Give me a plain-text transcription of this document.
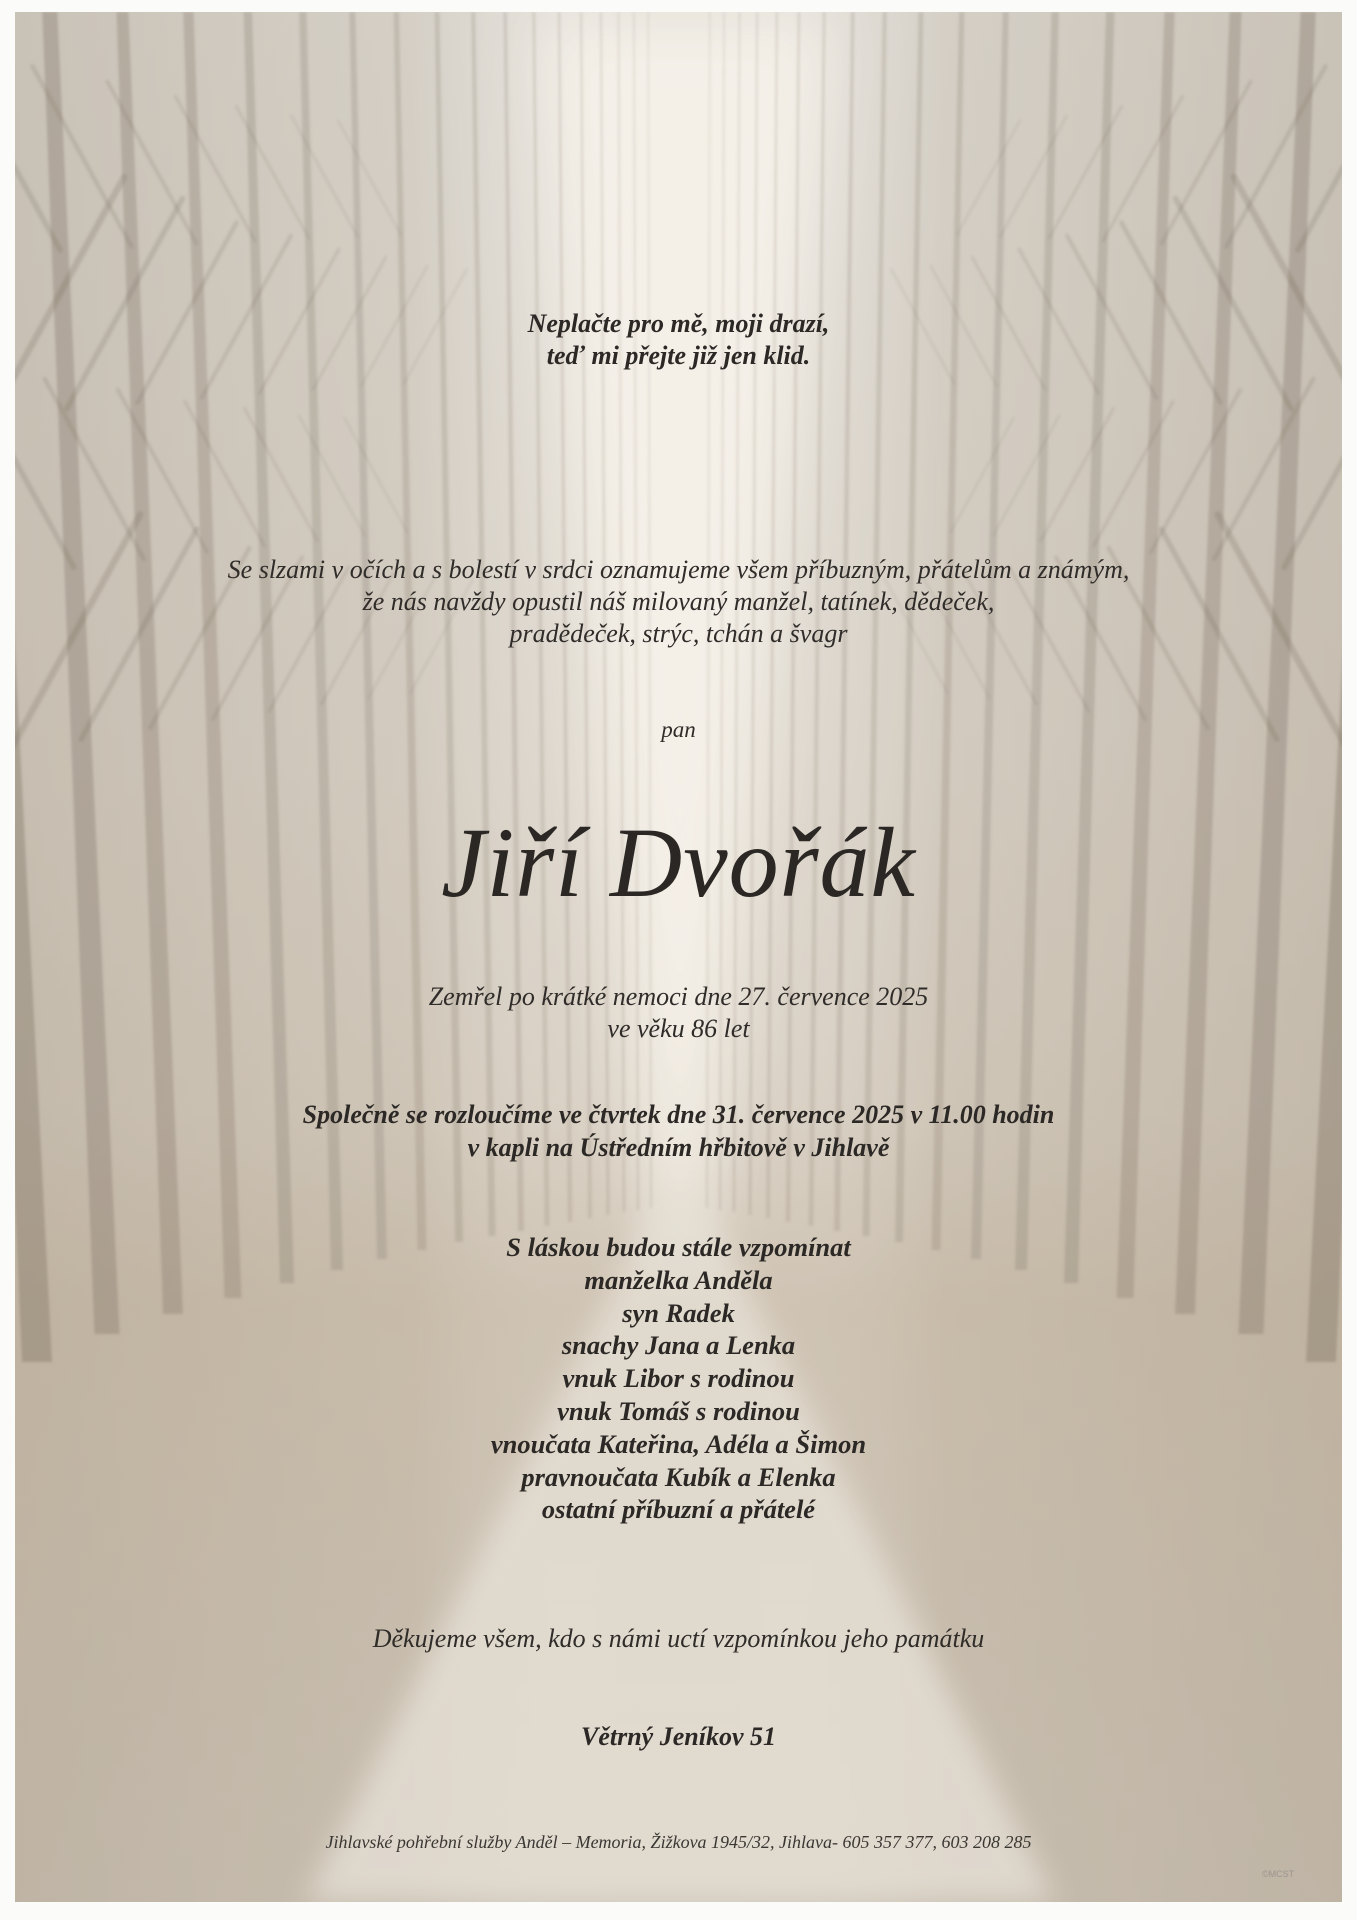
Neplačte pro mě, moji drazí,
teď mi přejte již jen klid.
Se slzami v očích a s bolestí v srdci oznamujeme všem příbuzným, přátelům a známým,
že nás navždy opustil náš milovaný manžel, tatínek, dědeček,
pradědeček, strýc, tchán a švagr
pan
Jiří Dvořák
Zemřel po krátké nemoci dne 27. července 2025
ve věku 86 let
Společně se rozloučíme ve čtvrtek dne 31. července 2025 v 11.00 hodin
v kapli na Ústředním hřbitově v Jihlavě
S láskou budou stále vzpomínat
manželka Anděla
syn Radek
snachy Jana a Lenka
vnuk Libor s rodinou
vnuk Tomáš s rodinou
vnoučata Kateřina, Adéla a Šimon
pravnoučata Kubík a Elenka
ostatní příbuzní a přátelé
Děkujeme všem, kdo s námi uctí vzpomínkou jeho památku
Větrný Jeníkov 51
Jihlavské pohřební služby Anděl – Memoria, Žižkova 1945/32, Jihlava- 605 357 377, 603 208 285
©MCST
